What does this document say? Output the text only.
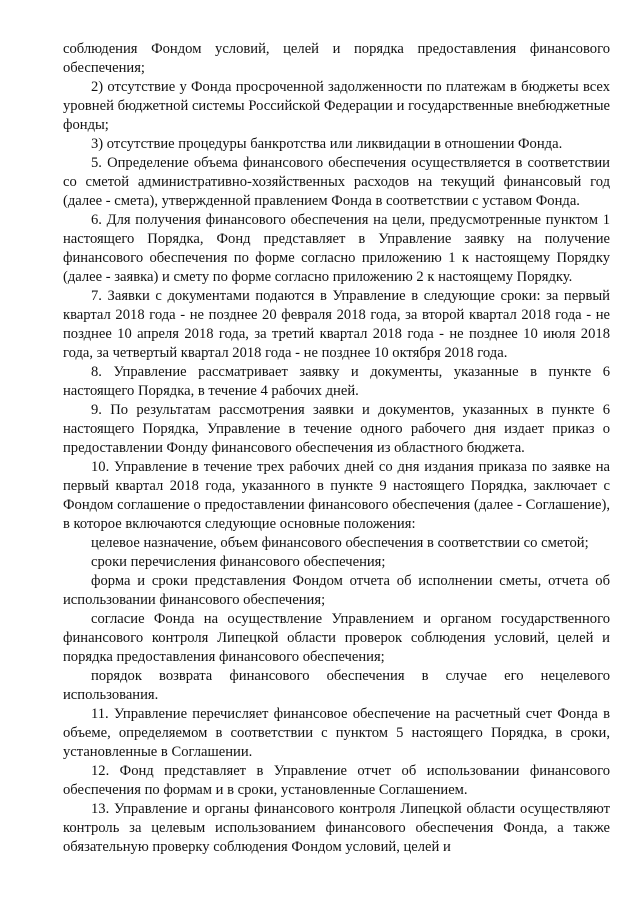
соблюдения Фондом условий, целей и порядка предоставления финансового обеспечения;

2) отсутствие у Фонда просроченной задолженности по платежам в бюджеты всех уровней бюджетной системы Российской Федерации и государственные внебюджетные фонды;

3) отсутствие процедуры банкротства или ликвидации в отношении Фонда.

5. Определение объема финансового обеспечения осуществляется в соответствии со сметой административно-хозяйственных расходов на текущий финансовый год (далее - смета), утвержденной правлением Фонда в соответствии с уставом Фонда.

6. Для получения финансового обеспечения на цели, предусмотренные пунктом 1 настоящего Порядка, Фонд представляет в Управление заявку на получение финансового обеспечения по форме согласно приложению 1 к настоящему Порядку (далее - заявка) и смету по форме согласно приложению 2 к настоящему Порядку.

7. Заявки с документами подаются в Управление в следующие сроки: за первый квартал 2018 года - не позднее 20 февраля 2018 года, за второй квартал 2018 года - не позднее 10 апреля 2018 года, за третий квартал 2018 года - не позднее 10 июля 2018 года, за четвертый квартал 2018 года - не позднее 10 октября 2018 года.

8. Управление рассматривает заявку и документы, указанные в пункте 6 настоящего Порядка, в течение 4 рабочих дней.

9. По результатам рассмотрения заявки и документов, указанных в пункте 6 настоящего Порядка, Управление в течение одного рабочего дня издает приказ о предоставлении Фонду финансового обеспечения из областного бюджета.

10. Управление в течение трех рабочих дней со дня издания приказа по заявке на первый квартал 2018 года, указанного в пункте 9 настоящего Порядка, заключает с Фондом соглашение о предоставлении финансового обеспечения (далее - Соглашение), в которое включаются следующие основные положения:

целевое назначение, объем финансового обеспечения в соответствии со сметой;

сроки перечисления финансового обеспечения;

форма и сроки представления Фондом отчета об исполнении сметы, отчета об использовании финансового обеспечения;

согласие Фонда на осуществление Управлением и органом государственного финансового контроля Липецкой области проверок соблюдения условий, целей и порядка предоставления финансового обеспечения;

порядок возврата финансового обеспечения в случае его нецелевого использования.

11. Управление перечисляет финансовое обеспечение на расчетный счет Фонда в объеме, определяемом в соответствии с пунктом 5 настоящего Порядка, в сроки, установленные в Соглашении.

12. Фонд представляет в Управление отчет об использовании финансового обеспечения по формам и в сроки, установленные Соглашением.

13. Управление и органы финансового контроля Липецкой области осуществляют контроль за целевым использованием финансового обеспечения Фонда, а также обязательную проверку соблюдения Фондом условий, целей и
